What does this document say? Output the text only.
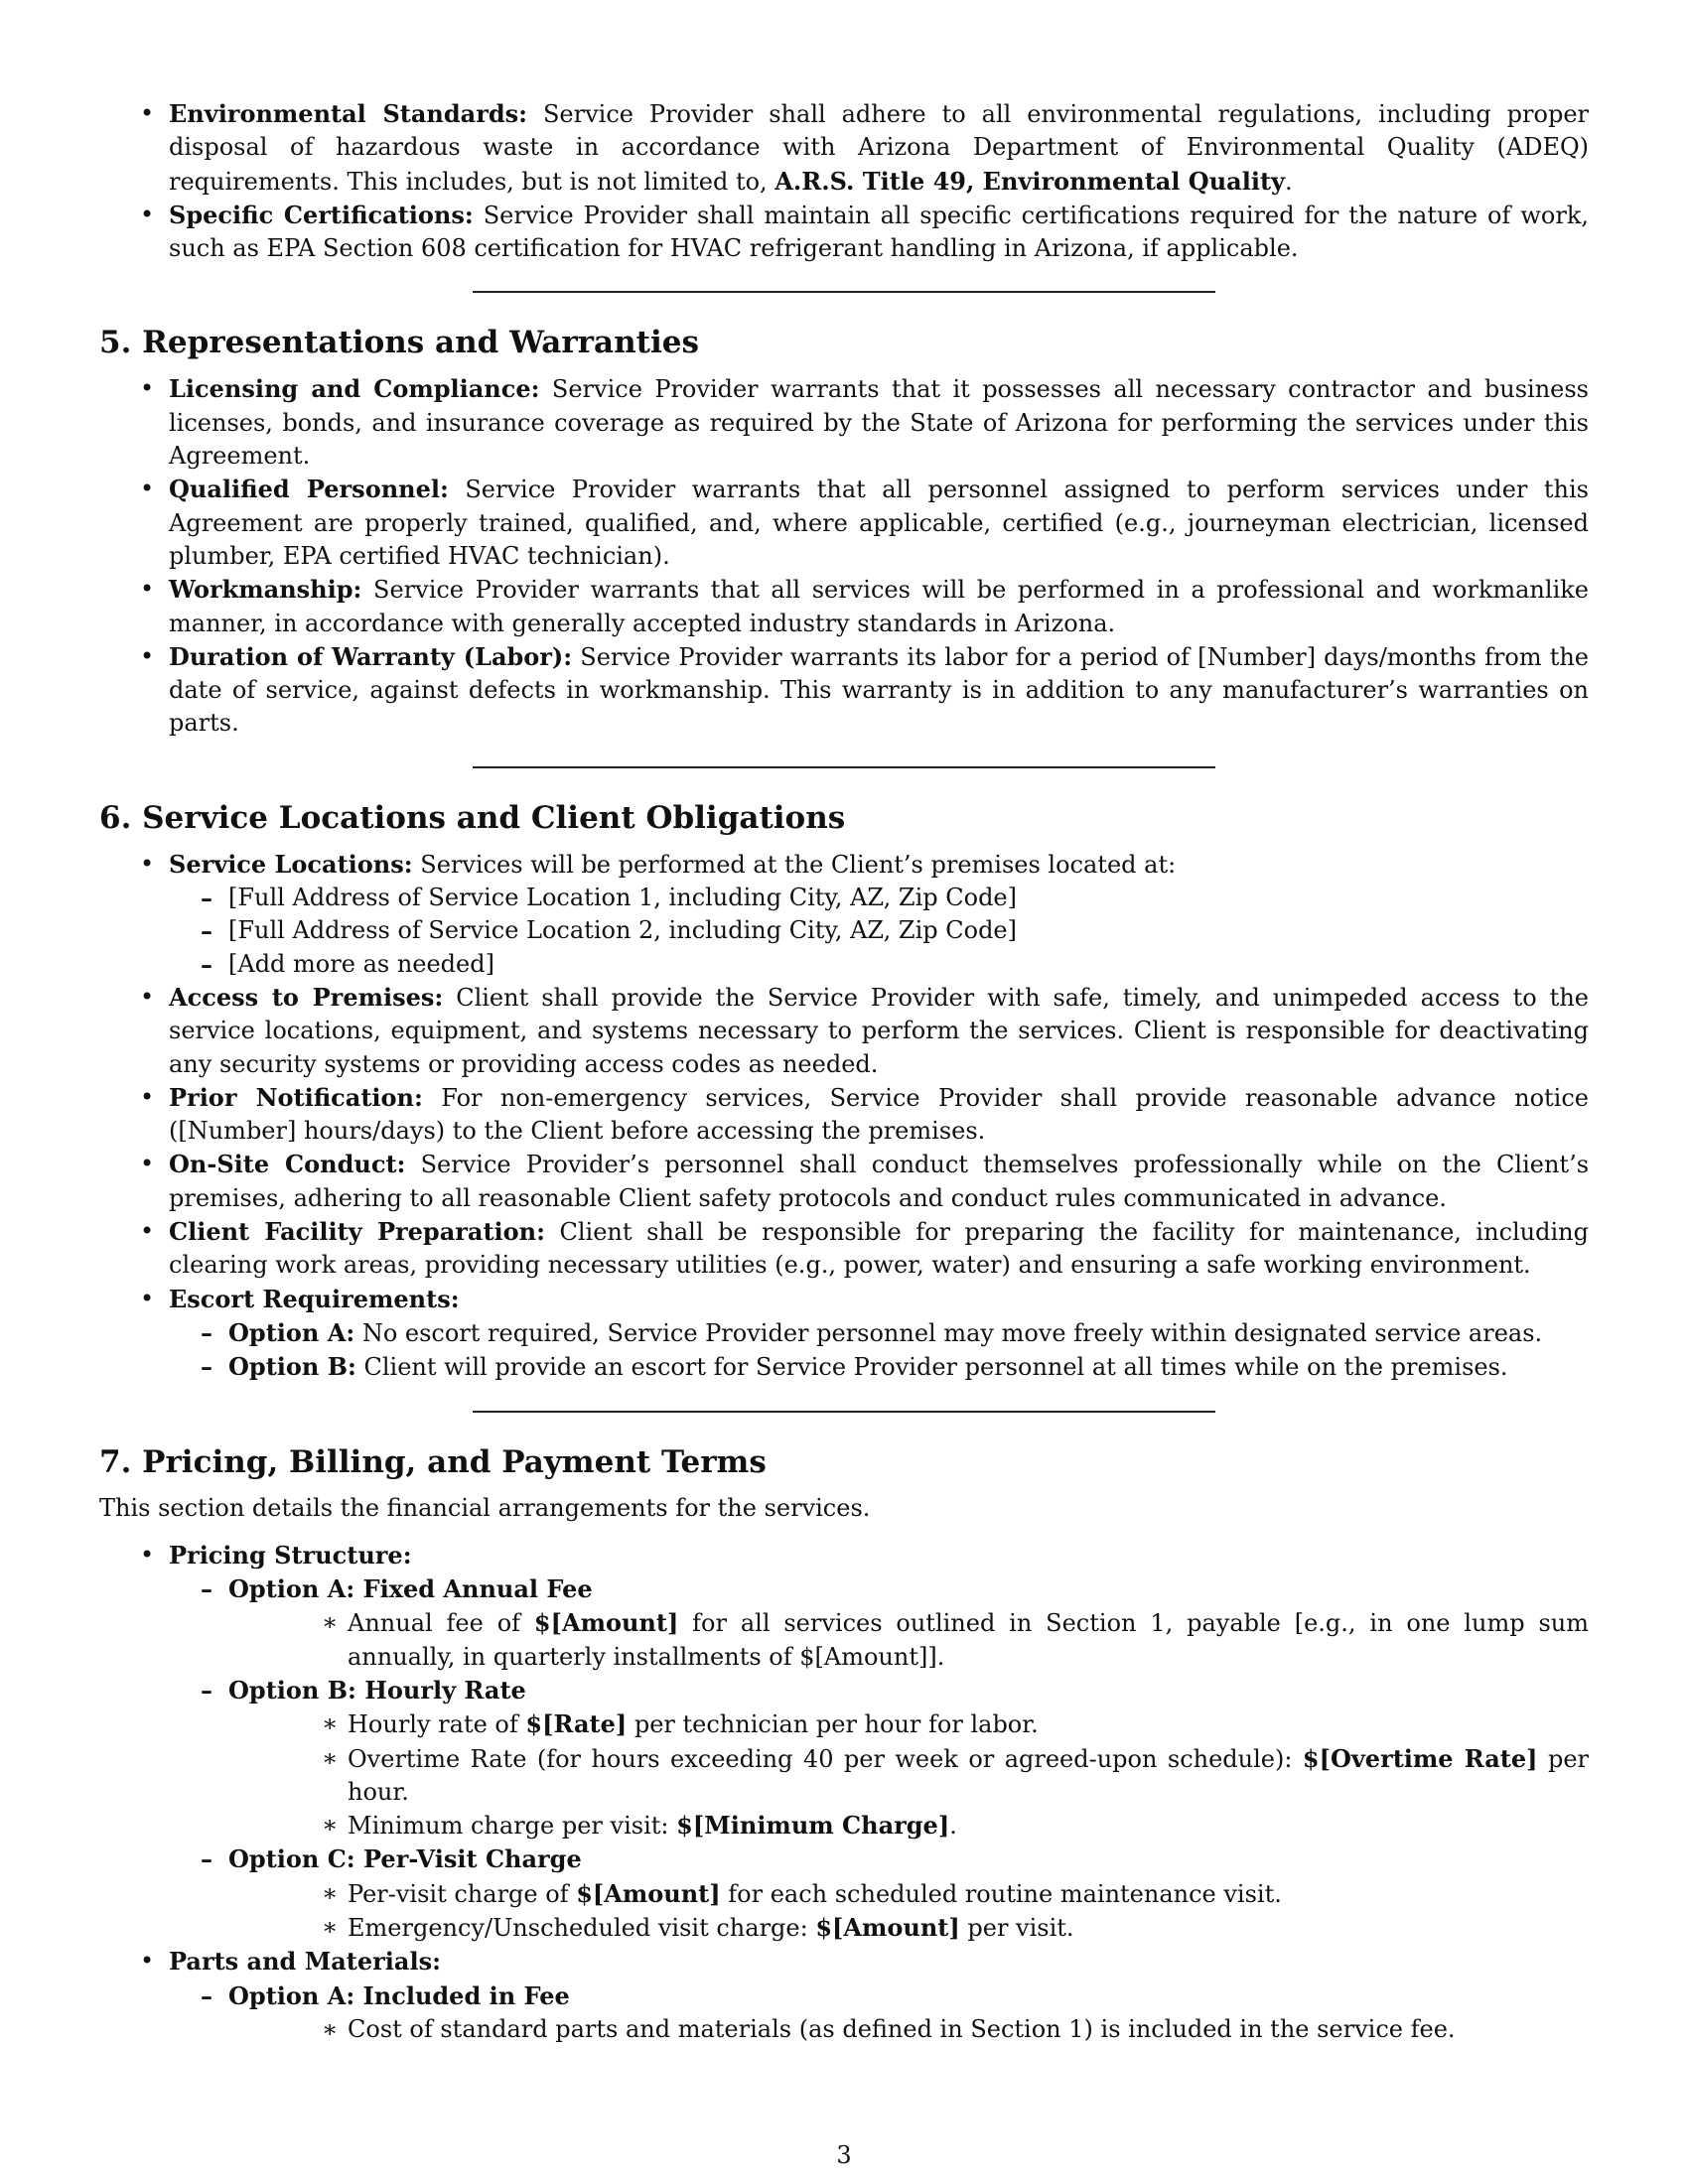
• Environmental Standards: Service Provider shall adhere to all environmental regulations, including proper disposal of hazardous waste in accordance with Arizona Department of Environmental Quality (ADEQ) requirements. This includes, but is not limited to, A.R.S. Title 49, Environmental Quality.
• Specific Certifications: Service Provider shall maintain all specific certifications required for the nature of work, such as EPA Section 608 certification for HVAC refrigerant handling in Arizona, if applicable.
5. Representations and Warranties
• Licensing and Compliance: Service Provider warrants that it possesses all necessary contractor and business licenses, bonds, and insurance coverage as required by the State of Arizona for performing the services under this Agreement.
• Qualified Personnel: Service Provider warrants that all personnel assigned to perform services under this Agreement are properly trained, qualified, and, where applicable, certified (e.g., journeyman electrician, licensed plumber, EPA certified HVAC technician).
• Workmanship: Service Provider warrants that all services will be performed in a professional and workmanlike manner, in accordance with generally accepted industry standards in Arizona.
• Duration of Warranty (Labor): Service Provider warrants its labor for a period of [Number] days/months from the date of service, against defects in workmanship. This warranty is in addition to any manufacturer’s warranties on parts.
6. Service Locations and Client Obligations
• Service Locations: Services will be performed at the Client’s premises located at:
– [Full Address of Service Location 1, including City, AZ, Zip Code]
– [Full Address of Service Location 2, including City, AZ, Zip Code]
– [Add more as needed]
• Access to Premises: Client shall provide the Service Provider with safe, timely, and unimpeded access to the service locations, equipment, and systems necessary to perform the services. Client is responsible for deactivating any security systems or providing access codes as needed.
• Prior Notification: For non-emergency services, Service Provider shall provide reasonable advance notice ([Number] hours/days) to the Client before accessing the premises.
• On-Site Conduct: Service Provider’s personnel shall conduct themselves professionally while on the Client’s premises, adhering to all reasonable Client safety protocols and conduct rules communicated in advance.
• Client Facility Preparation: Client shall be responsible for preparing the facility for maintenance, including clearing work areas, providing necessary utilities (e.g., power, water) and ensuring a safe working environment.
• Escort Requirements:
– Option A: No escort required, Service Provider personnel may move freely within designated service areas.
– Option B: Client will provide an escort for Service Provider personnel at all times while on the premises.
7. Pricing, Billing, and Payment Terms

This section details the financial arrangements for the services.

• Pricing Structure:
– Option A: Fixed Annual Fee
∗ Annual fee of $[Amount] for all services outlined in Section 1, payable [e.g., in one lump sum annually, in quarterly installments of $[Amount]].
– Option B: Hourly Rate
∗ Hourly rate of $[Rate] per technician per hour for labor.
∗ Overtime Rate (for hours exceeding 40 per week or agreed-upon schedule): $[Overtime Rate] per hour.
∗ Minimum charge per visit: $[Minimum Charge].
– Option C: Per-Visit Charge
∗ Per-visit charge of $[Amount] for each scheduled routine maintenance visit.
∗ Emergency/Unscheduled visit charge: $[Amount] per visit.
• Parts and Materials:
– Option A: Included in Fee
∗ Cost of standard parts and materials (as defined in Section 1) is included in the service fee.
3
